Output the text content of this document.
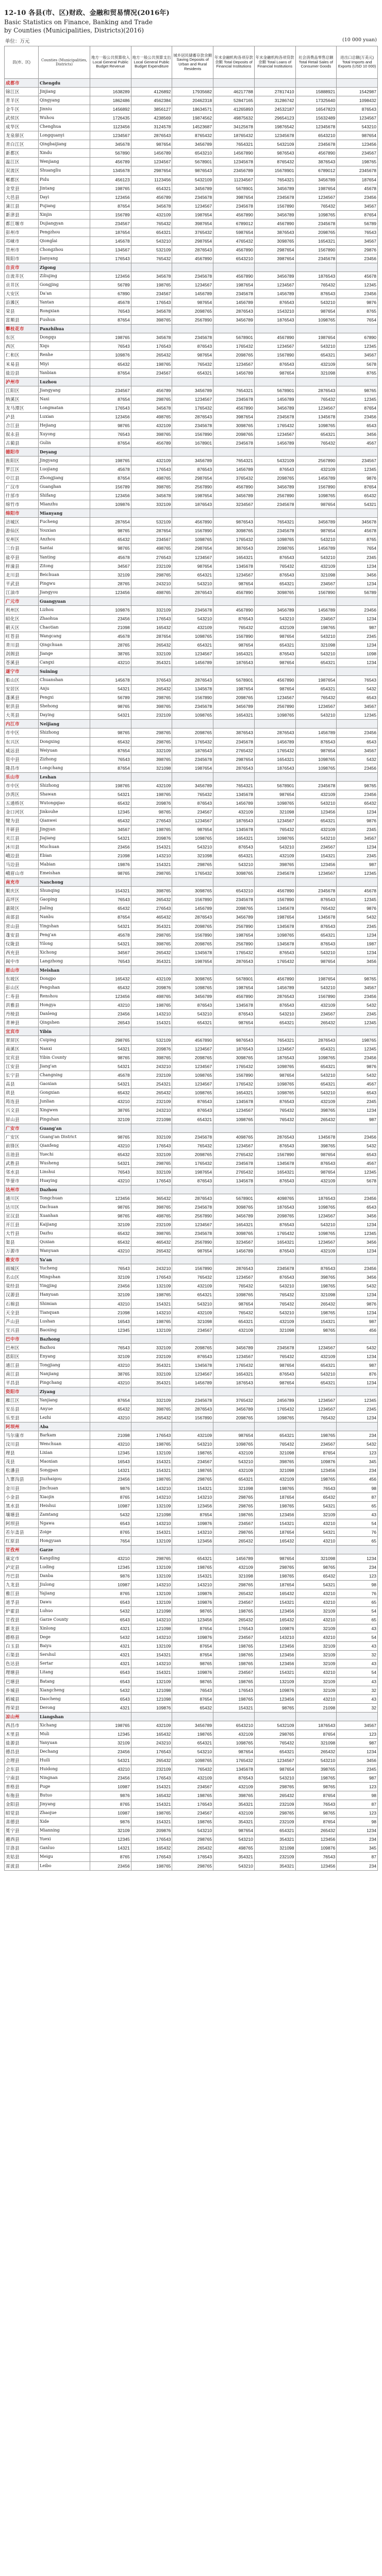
12-10 各县(市、区)财政、金融和贸易情况(2016年)
Basic Statistics on Finance, Banking and Trade
by Counties (Municipalities, Districts)(2016)
单位：万元	(10 000 yuan)
县(市、区)	Counties (Municipalities, Districts)	地方一般公共预算收入 Local General Public Budget Revenue	地方一般公共预算支出 Local General Public Budget Expenditure	城乡居民储蓄存款余额 Saving Deposits of Urban and Rural Residents	年末金融机构各项存款余额 Total Deposits of Financial Institutions	年末金融机构各项贷款余额 Total Loans of Financial Institutions	社会消费品零售总额 Total Retail Sales of Consumer Goods	进出口总额(万美元) Total Imports and Exports (USD 10 000)
成都市	Chengdu							
锦江区	Jinjiang	1638289	4126892	17935682	46217788	27817410	15888921	1542987
青羊区	Qingyang	1862486	4562384	20462318	52847165	31286742	17325640	1098432
金牛区	Jinniu	1456892	3856127	18634571	41265893	24532187	16547823	876543
武侯区	Wuhou	1726435	4238569	19874562	49875632	29654123	15632489	1234567
成华区	Chenghua	1123456	3124578	14523687	34125678	19876542	12345678	543210
龙泉驿区	Longquanyi	1234567	2876543	8765432	18765432	12345678	6543210	987654
青白江区	Qingbaijiang	345678	987654	3456789	7654321	5432109	2345678	123456
新都区	Xindu	567890	1456789	6543210	14567890	9876543	4567890	234567
温江区	Wenjiang	456789	1234567	5678901	12345678	8765432	3876543	198765
双流区	Shuangliu	1345678	2987654	9876543	23456789	15678901	6789012	2345678
郫都区	Pidu	456123	1123456	5432109	11234567	7654321	3456789	187654
金堂县	Jintang	198765	654321	3456789	5678901	3456789	1987654	45678
大邑县	Dayi	123456	456789	2345678	3987654	2345678	1234567	23456
蒲江县	Pujiang	87654	345678	1234567	2345678	1567890	765432	34567
新津县	Xinjin	156789	432109	1987654	4567890	3456789	1098765	87654
都江堰市	Dujiangyan	234567	765432	3987654	6789012	4567890	2345678	56789
彭州市	Pengzhou	187654	654321	3765432	5987654	3876543	2098765	76543
邛崃市	Qionglai	145678	543210	2987654	4765432	3098765	1654321	34567
崇州市	Chongzhou	134567	532109	2876543	4567890	2987654	1567890	29876
简阳市	Jianyang	176543	765432	4567890	6543210	3987654	2345678	23456
自贡市	Zigong							
自流井区	Ziliujing	123456	345678	2345678	4567890	3456789	1876543	45678
贡井区	Gongjing	56789	198765	1234567	1987654	1234567	765432	12345
大安区	Da'an	67890	234567	1456789	2345678	1456789	876543	23456
沿滩区	Yantan	45678	176543	987654	1456789	876543	543210	9876
荣县	Rongxian	76543	345678	2098765	2876543	1543210	987654	8765
富顺县	Fushun	87654	398765	2567890	3456789	1876543	1098765	7654
攀枝花市	Panzhihua							
东区	Dongqu	198765	345678	2345678	5678901	4567890	1987654	67890
西区	Xiqu	76543	176543	876543	1765432	1234567	543210	12345
仁和区	Renhe	109876	265432	987654	2098765	1567890	654321	34567
米易县	Miyi	65432	198765	765432	1234567	876543	432109	5678
盐边县	Yanbian	87654	234567	654321	1456789	987654	321098	8765
泸州市	Luzhou							
江阳区	Jiangyang	234567	456789	3456789	7654321	5678901	2876543	98765
纳溪区	Naxi	87654	298765	1234567	2345678	1456789	765432	12345
龙马潭区	Longmatan	176543	345678	1765432	4567890	3456789	1234567	87654
泸县	Luxian	123456	498765	2876543	3987654	2345678	1345678	23456
合江县	Hejiang	98765	432109	2345678	3098765	1765432	1098765	6543
叙永县	Xuyong	76543	398765	1567890	2098765	1234567	654321	3456
古蔺县	Gulin	87654	456789	1678901	2345678	1456789	765432	4567
德阳市	Deyang							
旌阳区	Jingyang	198765	432109	3456789	7654321	5432109	2567890	234567
罗江区	Luojiang	45678	176543	876543	1456789	876543	432109	12345
中江县	Zhongjiang	87654	498765	2987654	3765432	2098765	1456789	9876
广汉市	Guanghan	156789	398765	2567890	4567890	3456789	1567890	87654
什邡市	Shifang	123456	345678	1987654	3456789	2567890	1098765	65432
绵竹市	Mianzhu	109876	332109	1876543	3234567	2345678	987654	54321
绵阳市	Mianyang							
涪城区	Fucheng	287654	532109	4567890	9876543	7654321	3456789	345678
游仙区	Youxian	98765	287654	1567890	3098765	2345678	987654	45678
安州区	Anzhou	65432	234567	1098765	1765432	1098765	543210	8765
三台县	Santai	98765	498765	2987654	3876543	2098765	1456789	7654
盐亭县	Yanting	45678	276543	1234567	1654321	876543	543210	2345
梓潼县	Zitong	34567	232109	987654	1345678	765432	432109	1234
北川县	Beichuan	32109	298765	654321	1234567	876543	321098	3456
平武县	Pingwu	28765	243210	543210	987654	654321	234567	1234
江油市	Jiangyou	123456	498765	2876543	4567890	3098765	1567890	56789
广元市	Guangyuan							
利州区	Lizhou	109876	332109	2345678	4567890	3456789	1456789	23456
昭化区	Zhaohua	23456	176543	543210	876543	543210	234567	1234
朝天区	Chaotian	21098	165432	432109	765432	432109	198765	987
旺苍县	Wangcang	45678	287654	1098765	1567890	987654	543210	2345
青川县	Qingchuan	28765	265432	654321	987654	654321	321098	1234
剑阁县	Jiange	38765	332109	1234567	1654321	876543	543210	1098
苍溪县	Cangxi	43210	354321	1456789	1876543	987654	654321	1234
遂宁市	Suining							
船山区	Chuanshan	145678	376543	2876543	5678901	4567890	1987654	76543
安居区	Anju	54321	265432	1345678	1987654	987654	654321	5432
蓬溪县	Pengxi	56789	298765	1567890	2098765	1234567	765432	6543
射洪县	Shehong	98765	398765	2345678	3456789	2567890	1234567	34567
大英县	Daying	54321	232109	1098765	1654321	1098765	543210	12345
内江市	Neijiang							
市中区	Shizhong	98765	298765	2098765	3876543	2876543	1456789	23456
东兴区	Dongxing	65432	298765	1765432	2345678	1456789	876543	6543
威远县	Weiyuan	87654	332109	1876543	2765432	1765432	987654	34567
资中县	Zizhong	76543	398765	2345678	2987654	1654321	1098765	5432
隆昌市	Longchang	87654	321098	1987654	2876543	1876543	1098765	23456
乐山市	Leshan							
市中区	Shizhong	198765	432109	3456789	7654321	5678901	2345678	98765
沙湾区	Shawan	54321	198765	765432	1345678	987654	432109	23456
五通桥区	Wutongqiao	65432	209876	876543	1456789	1098765	543210	65432
金口河区	Jinkouhe	12345	98765	234567	432109	321098	123456	1234
犍为县	Qianwei	65432	276543	1234567	1876543	1234567	654321	9876
井研县	Jingyan	34567	198765	987654	1345678	765432	432109	2345
夹江县	Jiajiang	54321	209876	1098765	1654321	1098765	543210	34567
沐川县	Muchuan	23456	154321	543210	876543	543210	234567	1234
峨边县	Ebian	21098	143210	321098	654321	432109	154321	2345
马边县	Mabian	19876	154321	298765	543210	398765	123456	987
峨眉山市	Emeishan	98765	298765	1765432	3098765	2345678	1234567	12345
南充市	Nanchong							
顺庆区	Shunqing	154321	398765	3098765	6543210	4567890	2345678	45678
高坪区	Gaoping	76543	265432	1567890	2345678	1567890	876543	12345
嘉陵区	Jialing	65432	276543	1456789	2098765	1345678	765432	9876
南部县	Nanbu	87654	465432	2876543	3456789	1987654	1345678	5432
营山县	Yingshan	54321	354321	2098765	2567890	1345678	876543	2345
蓬安县	Peng'an	45678	298765	1567890	1987654	1098765	654321	1234
仪陇县	Yilong	54321	398765	2098765	2567890	1345678	876543	1987
西充县	Xichong	34567	265432	1345678	1765432	876543	543210	1234
阆中市	Langzhong	76543	354321	1987654	2876543	1765432	987654	3456
眉山市	Meishan							
东坡区	Dongpo	165432	432109	3098765	5678901	4567890	1987654	98765
彭山区	Pengshan	65432	209876	1098765	1987654	1456789	543210	34567
仁寿县	Renshou	123456	498765	3456789	4567890	2876543	1567890	23456
洪雅县	Hongya	43210	198765	876543	1345678	876543	432109	5432
丹棱县	Danleng	23456	143210	543210	876543	543210	234567	2345
青神县	Qingshen	26543	154321	654321	987654	654321	265432	12345
宜宾市	Yibin							
翠屏区	Cuiping	298765	532109	4567890	9876543	7654321	2876543	198765
南溪区	Nanxi	54321	209876	1234567	1876543	1234567	654321	12345
宜宾县	Yibin County	98765	398765	2098765	3098765	1876543	1098765	23456
江安县	Jiang'an	54321	243210	1234567	1765432	1098765	654321	9876
长宁县	Changning	45678	232109	1098765	1567890	987654	543210	5432
高县	Gaoxian	54321	254321	1234567	1765432	1098765	654321	4567
珙县	Gongxian	65432	265432	1098765	1654321	1098765	543210	6543
筠连县	Junlian	43210	232109	876543	1345678	876543	432109	2345
兴文县	Xingwen	38765	243210	876543	1234567	765432	398765	1234
屏山县	Pingshan	32109	221098	654321	1098765	765432	265432	987
广安市	Guang'an							
广安区	Guang'an District	98765	332109	2345678	4098765	2876543	1345678	23456
前锋区	Qianfeng	43210	176543	765432	1234567	876543	398765	5432
岳池县	Yuechi	65432	332109	2098765	2765432	1567890	987654	6543
武胜县	Wusheng	54321	298765	1765432	2345678	1345678	876543	4567
邻水县	Linshui	76543	332109	1987654	2765432	1654321	987654	12345
华蓥市	Huaying	43210	176543	876543	1345678	876543	432109	5678
达州市	Dazhou							
通川区	Tongchuan	123456	365432	2876543	5678901	4098765	1876543	23456
达川区	Dachuan	98765	398765	2345678	3098765	1876543	1098765	6543
宣汉县	Xuanhan	98765	498765	2567890	3456789	2098765	1234567	3456
开江县	Kaijiang	32109	232109	1234567	1654321	876543	543210	1234
大竹县	Dazhu	65432	398765	2345678	3098765	1765432	1098765	12345
渠县	Quxian	65432	465432	2567890	3234567	1654321	1234567	3456
万源市	Wanyuan	43210	265432	987654	1456789	876543	432109	1234
雅安市	Ya'an							
雨城区	Yucheng	76543	243210	1567890	2876543	2345678	876543	23456
名山区	Mingshan	32109	176543	765432	1234567	876543	398765	3456
荥经县	Yingjing	23456	132109	432109	765432	543210	198765	5432
汉源县	Hanyuan	32109	198765	654321	1098765	765432	321098	1234
石棉县	Shimian	43210	154321	543210	987654	765432	265432	9876
天全县	Tianquan	21098	143210	432109	765432	543210	198765	1234
芦山县	Lushan	16543	198765	321098	654321	432109	154321	987
宝兴县	Baoxing	12345	132109	234567	432109	321098	98765	456
巴中市	Bazhong							
巴州区	Bazhou	76543	332109	2098765	3456789	2345678	1234567	5432
恩阳区	Enyang	32109	232109	876543	1234567	765432	432109	1234
通江县	Tongjiang	43210	354321	1345678	1765432	987654	654321	987
南江县	Nanjiang	38765	332109	1234567	1654321	876543	543210	876
平昌县	Pingchang	43210	354321	1456789	1876543	987654	654321	1234
资阳市	Ziyang							
雁江区	Yanjiang	87654	332109	2345678	3765432	2456789	1234567	12345
安岳县	Anyue	65432	398765	2876543	3456789	1765432	1234567	2345
乐至县	Lezhi	43210	265432	1567890	2098765	1098765	765432	1234
阿坝州	Aba							
马尔康市	Barkam	21098	176543	432109	987654	654321	198765	234
汶川县	Wenchuan	43210	198765	543210	1098765	765432	234567	5432
理县	Lixian	12345	132109	198765	432109	321098	87654	123
茂县	Maoxian	16543	154321	234567	543210	398765	109876	345
松潘县	Songpan	14321	154321	198765	432109	321098	123456	234
九寨沟县	Jiuzhaigou	23456	198765	298765	654321	432109	198765	456
金川县	Jinchuan	9876	143210	154321	321098	198765	76543	98
小金县	Xiaojin	8765	143210	143210	298765	187654	65432	87
黑水县	Heishui	10987	132109	123456	298765	198765	54321	65
壤塘县	Zamtang	5432	121098	87654	198765	123456	32109	43
阿坝县	Ngawa	6543	143210	109876	234567	154321	43210	54
若尔盖县	Zoige	8765	154321	143210	298765	187654	54321	76
红原县	Hongyuan	7654	132109	123456	265432	165432	43210	65
甘孜州	Garze							
康定市	Kangding	43210	298765	654321	1456789	987654	321098	1234
泸定县	Luding	12345	132109	198765	432109	298765	98765	234
丹巴县	Danba	9876	132109	154321	321098	198765	65432	123
九龙县	Jiulong	10987	143210	143210	298765	187654	54321	98
雅江县	Yajiang	8765	132109	109876	265432	165432	43210	76
道孚县	Dawu	6543	132109	109876	234567	154321	43210	65
炉霍县	Luhuo	5432	121098	98765	198765	123456	32109	54
甘孜县	Garze County	6543	143210	123456	265432	165432	43210	65
新龙县	Xinlong	4321	121098	87654	176543	109876	32109	43
德格县	Dege	5432	143210	109876	234567	143210	43210	54
白玉县	Baiyu	4321	132109	87654	198765	123456	32109	43
石渠县	Sershul	4321	154321	87654	198765	123456	32109	32
色达县	Sertar	4321	143210	98765	198765	123456	32109	43
理塘县	Litang	6543	154321	109876	234567	154321	43210	54
巴塘县	Batang	6543	132109	98765	198765	132109	32109	43
乡城县	Xiangcheng	5432	121098	76543	176543	109876	32109	32
稻城县	Daocheng	6543	121098	87654	198765	123456	43210	43
得荣县	Derong	4321	109876	65432	154321	98765	21098	32
凉山州	Liangshan							
西昌市	Xichang	198765	432109	3456789	6543210	5432109	1876543	34567
木里县	Muli	12345	165432	198765	432109	298765	87654	123
盐源县	Yanyuan	32109	243210	654321	1098765	765432	321098	987
德昌县	Dechang	23456	176543	543210	987654	654321	265432	1234
会理县	Huili	54321	265432	1098765	1765432	1234567	543210	3456
会东县	Huidong	43210	232109	765432	1345678	987654	398765	2345
宁南县	Ningnan	23456	176543	432109	876543	543210	198765	987
普格县	Puge	10987	154321	234567	432109	298765	98765	123
布拖县	Butuo	9876	165432	198765	398765	265432	87654	98
金阳县	Jinyang	8765	154321	176543	354321	232109	76543	87
昭觉县	Zhaojue	10987	198765	234567	432109	298765	98765	123
喜德县	Xide	9876	154321	198765	354321	232109	87654	98
冕宁县	Mianning	32109	209876	543210	987654	654321	265432	1234
越西县	Yuexi	12345	176543	298765	543210	354321	123456	234
甘洛县	Ganluo	14321	165432	265432	498765	321098	109876	345
美姑县	Meigu	8765	176543	176543	354321	232109	76543	87
雷波县	Leibo	23456	198765	298765	543210	354321	123456	234
